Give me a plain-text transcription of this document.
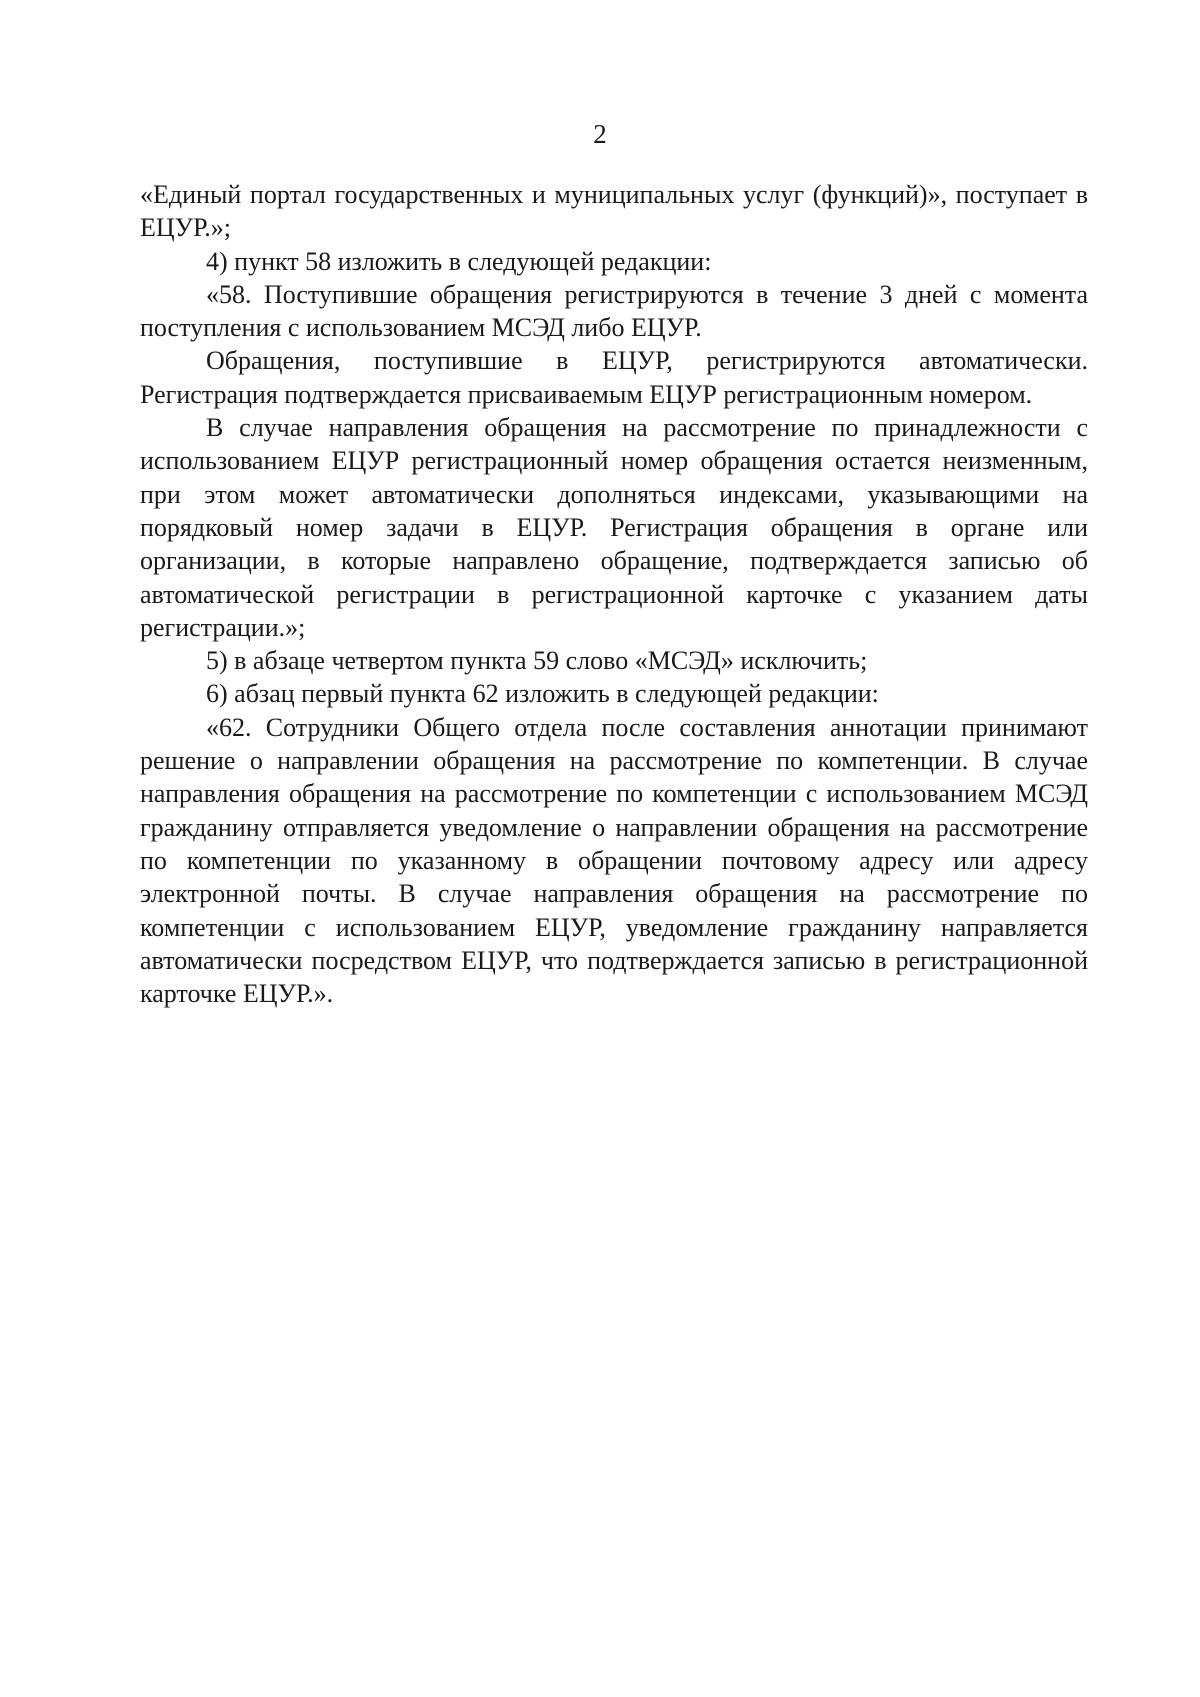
2

«Единый портал государственных и муниципальных услуг (функций)», поступает в ЕЦУР.»;

4) пункт 58 изложить в следующей редакции:

«58. Поступившие обращения регистрируются в течение 3 дней с момента поступления с использованием МСЭД либо ЕЦУР.

Обращения, поступившие в ЕЦУР, регистрируются автоматически. Регистрация подтверждается присваиваемым ЕЦУР регистрационным номером.

В случае направления обращения на рассмотрение по принадлежности с использованием ЕЦУР регистрационный номер обращения остается неизменным, при этом может автоматически дополняться индексами, указывающими на порядковый номер задачи в ЕЦУР. Регистрация обращения в органе или организации, в которые направлено обращение, подтверждается записью об автоматической регистрации в регистрационной карточке с указанием даты регистрации.»;

5) в абзаце четвертом пункта 59 слово «МСЭД» исключить;

6) абзац первый пункта 62 изложить в следующей редакции:

«62. Сотрудники Общего отдела после составления аннотации принимают решение о направлении обращения на рассмотрение по компетенции. В случае направления обращения на рассмотрение по компетенции с использованием МСЭД гражданину отправляется уведомление о направлении обращения на рассмотрение по компетенции по указанному в обращении почтовому адресу или адресу электронной почты. В случае направления обращения на рассмотрение по компетенции с использованием ЕЦУР, уведомление гражданину направляется автоматически посредством ЕЦУР, что подтверждается записью в регистрационной карточке ЕЦУР.».
